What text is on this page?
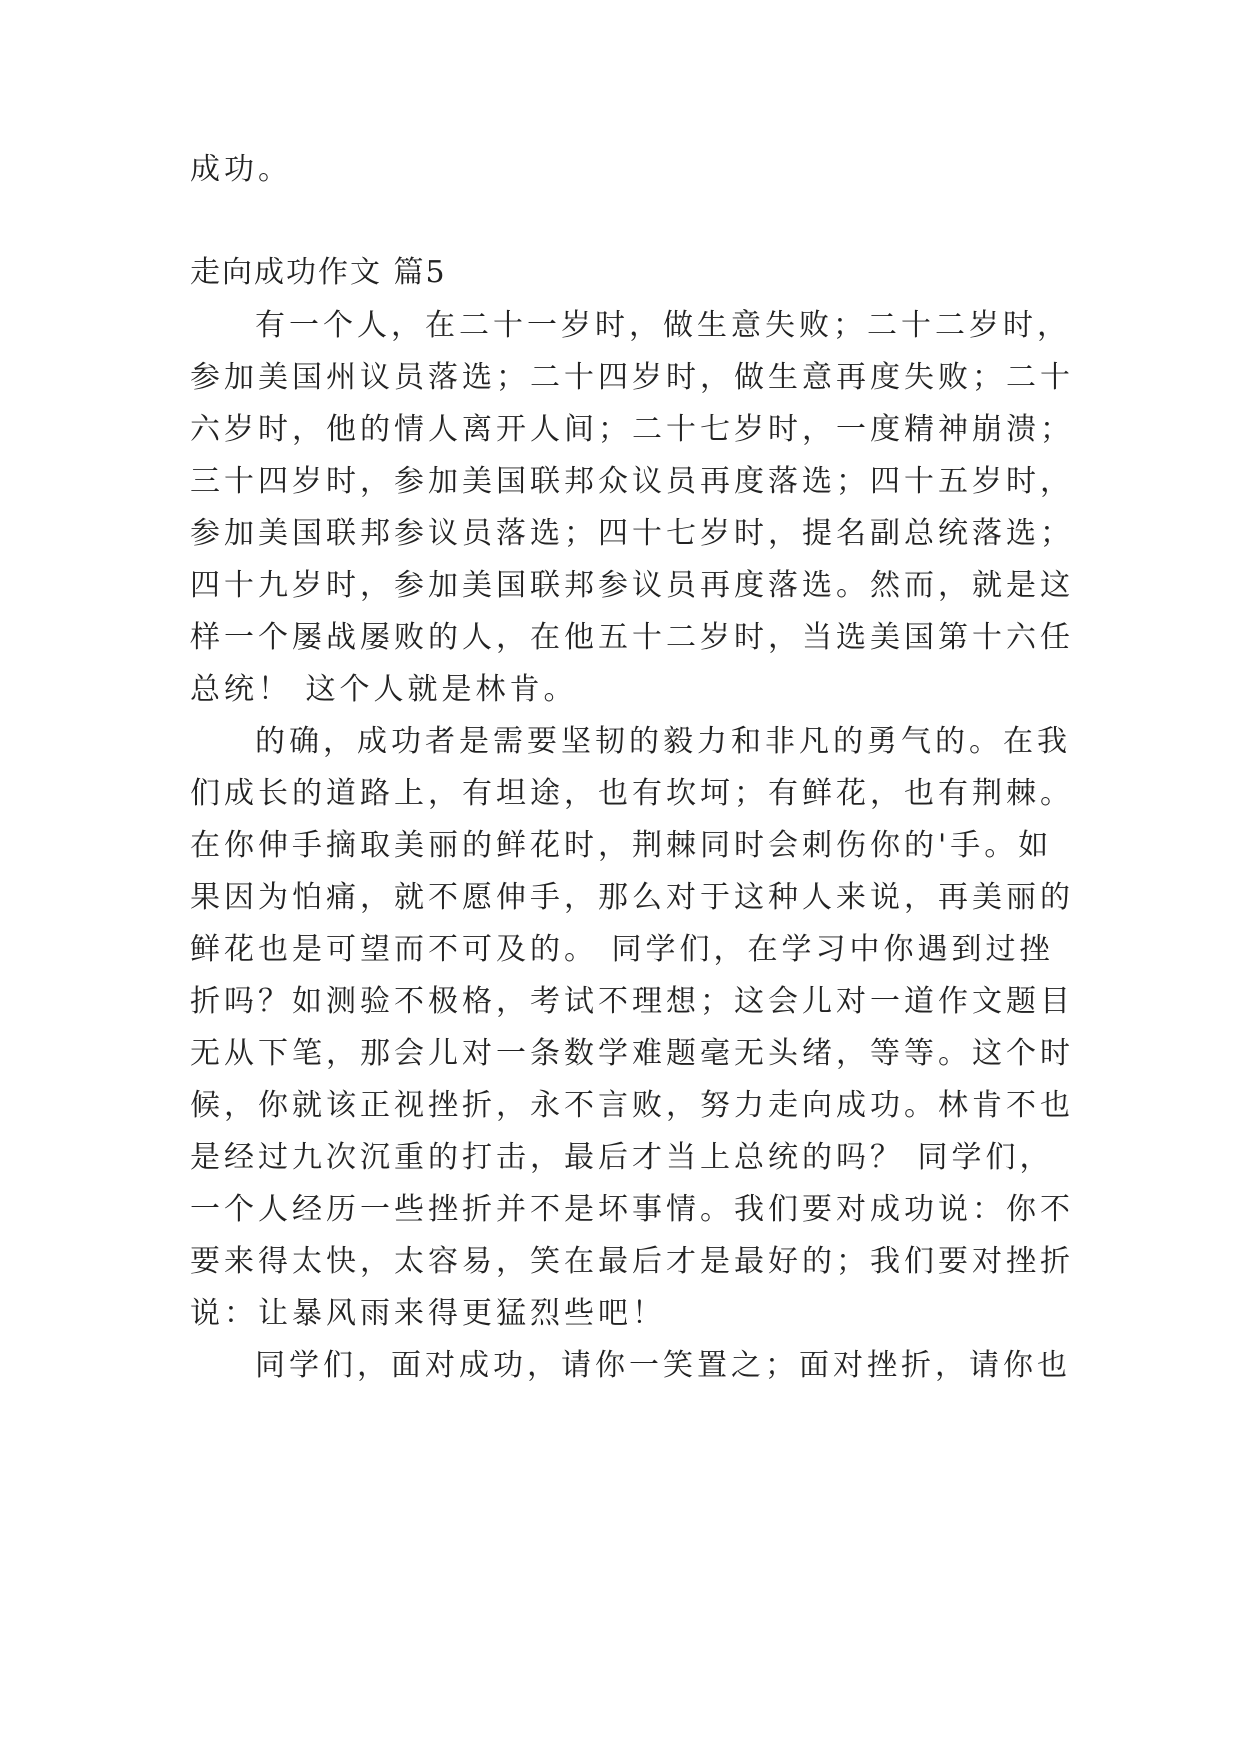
成功。
走向成功作文 篇5
有一个人，在二十一岁时，做生意失败；二十二岁时，
参加美国州议员落选；二十四岁时，做生意再度失败；二十
六岁时，他的情人离开人间；二十七岁时，一度精神崩溃；
三十四岁时，参加美国联邦众议员再度落选；四十五岁时，
参加美国联邦参议员落选；四十七岁时，提名副总统落选；
四十九岁时，参加美国联邦参议员再度落选。然而，就是这
样一个屡战屡败的人，在他五十二岁时，当选美国第十六任
总统！ 这个人就是林肯。
的确，成功者是需要坚韧的毅力和非凡的勇气的。在我
们成长的道路上，有坦途，也有坎坷；有鲜花，也有荆棘。
在你伸手摘取美丽的鲜花时，荆棘同时会刺伤你的'手。如
果因为怕痛，就不愿伸手，那么对于这种人来说，再美丽的
鲜花也是可望而不可及的。 同学们，在学习中你遇到过挫
折吗？如测验不极格，考试不理想；这会儿对一道作文题目
无从下笔，那会儿对一条数学难题毫无头绪，等等。这个时
候，你就该正视挫折，永不言败，努力走向成功。林肯不也
是经过九次沉重的打击，最后才当上总统的吗？ 同学们，
一个人经历一些挫折并不是坏事情。我们要对成功说：你不
要来得太快，太容易，笑在最后才是最好的；我们要对挫折
说：让暴风雨来得更猛烈些吧！
同学们，面对成功，请你一笑置之；面对挫折，请你也
